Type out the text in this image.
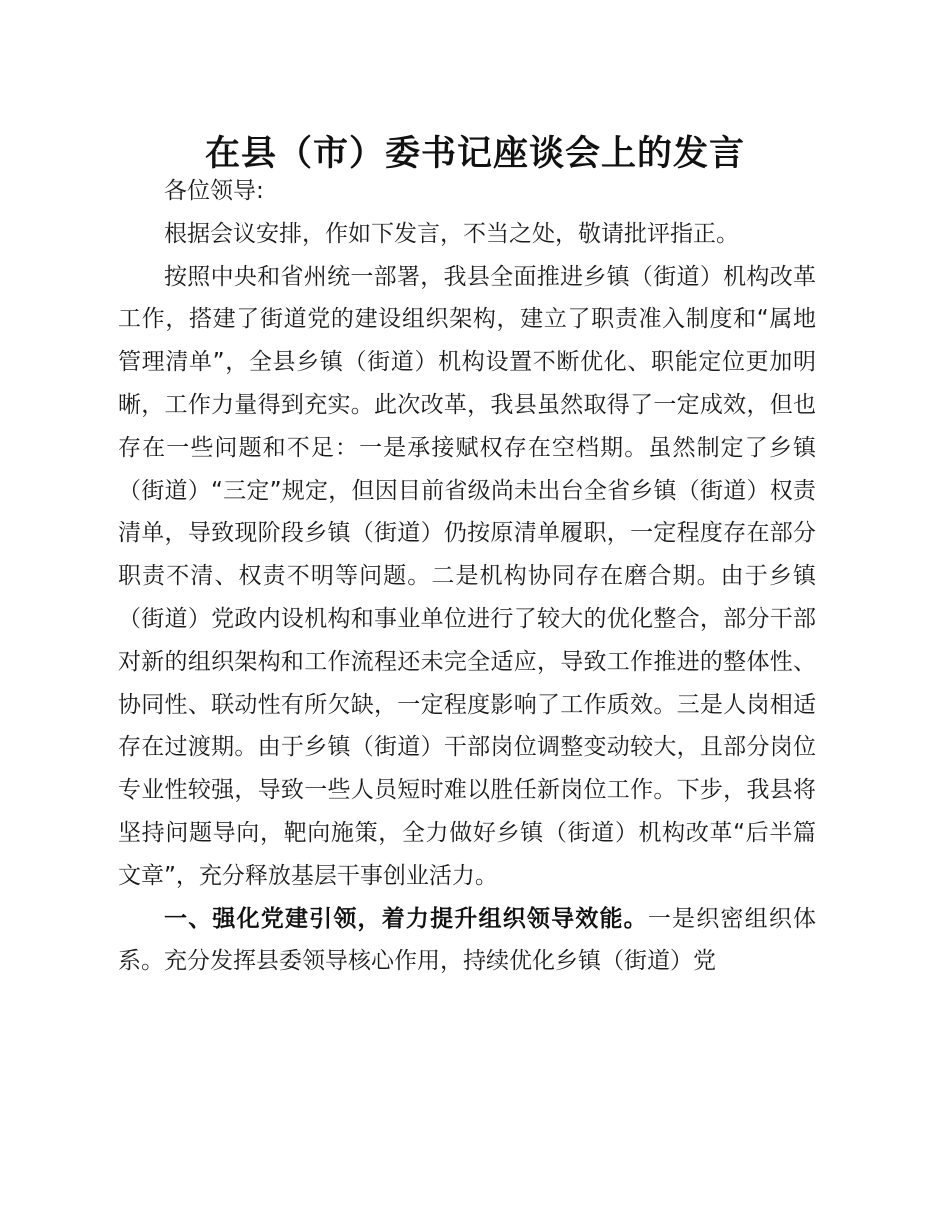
在县（市）委书记座谈会上的发言

各位领导:

根据会议安排，作如下发言，不当之处，敬请批评指正。

按照中央和省州统一部署，我县全面推进乡镇（街道）机构改革工作，搭建了街道党的建设组织架构，建立了职责准入制度和“属地管理清单”，全县乡镇（街道）机构设置不断优化、职能定位更加明晰，工作力量得到充实。此次改革，我县虽然取得了一定成效，但也存在一些问题和不足：一是承接赋权存在空档期。虽然制定了乡镇（街道）“三定”规定，但因目前省级尚未出台全省乡镇（街道）权责清单，导致现阶段乡镇（街道）仍按原清单履职，一定程度存在部分职责不清、权责不明等问题。二是机构协同存在磨合期。由于乡镇（街道）党政内设机构和事业单位进行了较大的优化整合，部分干部对新的组织架构和工作流程还未完全适应，导致工作推进的整体性、协同性、联动性有所欠缺，一定程度影响了工作质效。三是人岗相适存在过渡期。由于乡镇（街道）干部岗位调整变动较大，且部分岗位专业性较强，导致一些人员短时难以胜任新岗位工作。下步，我县将坚持问题导向，靶向施策，全力做好乡镇（街道）机构改革“后半篇文章”，充分释放基层干事创业活力。

一、强化党建引领，着力提升组织领导效能。一是织密组织体系。充分发挥县委领导核心作用，持续优化乡镇（街道）党
